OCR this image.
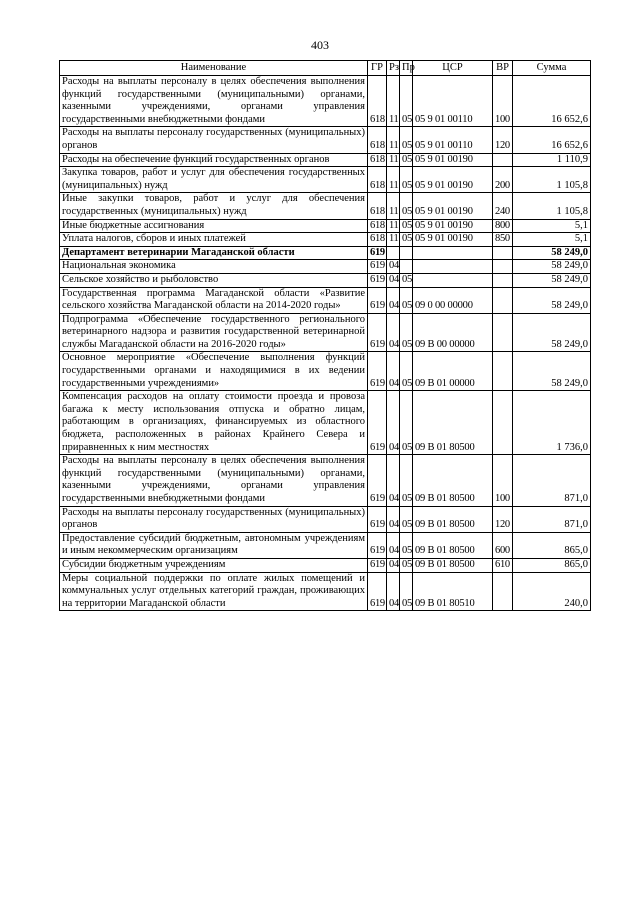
403
Наименование	ГР	Рз	Пр	ЦСР	ВР	Сумма
Расходы на выплаты персоналу в целях обеспечения выполнения функций государственными (муниципальными) органами, казенными учреждениями, органами управления государственными внебюджетными фондами	618	11	05	05 9 01 00110	100	16 652,6
Расходы на выплаты персоналу государственных (муниципальных) органов	618	11	05	05 9 01 00110	120	16 652,6
Расходы на обеспечение функций государственных органов	618	11	05	05 9 01 00190		1 110,9
Закупка товаров, работ и услуг для обеспечения государственных (муниципальных) нужд	618	11	05	05 9 01 00190	200	1 105,8
Иные закупки товаров, работ и услуг для обеспечения государственных (муниципальных) нужд	618	11	05	05 9 01 00190	240	1 105,8
Иные бюджетные ассигнования	618	11	05	05 9 01 00190	800	5,1
Уплата налогов, сборов и иных платежей	618	11	05	05 9 01 00190	850	5,1
Департамент ветеринарии Магаданской области	619					58 249,0
Национальная экономика	619	04				58 249,0
Сельское хозяйство и рыболовство	619	04	05			58 249,0
Государственная программа Магаданской области «Развитие сельского хозяйства Магаданской области на 2014-2020 годы»	619	04	05	09 0 00 00000		58 249,0
Подпрограмма «Обеспечение государственного регионального ветеринарного надзора и развития государственной ветеринарной службы Магаданской области на 2016-2020 годы»	619	04	05	09 В 00 00000		58 249,0
Основное мероприятие «Обеспечение выполнения функций государственными органами и находящимися в их ведении государственными учреждениями»	619	04	05	09 В 01 00000		58 249,0
Компенсация расходов на оплату стоимости проезда и провоза багажа к месту использования отпуска и обратно лицам, работающим в организациях, финансируемых из областного бюджета, расположенных в районах Крайнего Севера и приравненных к ним местностях	619	04	05	09 В 01 80500		1 736,0
Расходы на выплаты персоналу в целях обеспечения выполнения функций государственными (муниципальными) органами, казенными учреждениями, органами управления государственными внебюджетными фондами	619	04	05	09 В 01 80500	100	871,0
Расходы на выплаты персоналу государственных (муниципальных) органов	619	04	05	09 В 01 80500	120	871,0
Предоставление субсидий бюджетным, автономным учреждениям и иным некоммерческим организациям	619	04	05	09 В 01 80500	600	865,0
Субсидии бюджетным учреждениям	619	04	05	09 В 01 80500	610	865,0
Меры социальной поддержки по оплате жилых помещений и коммунальных услуг отдельных категорий граждан, проживающих на территории Магаданской области	619	04	05	09 В 01 80510		240,0
